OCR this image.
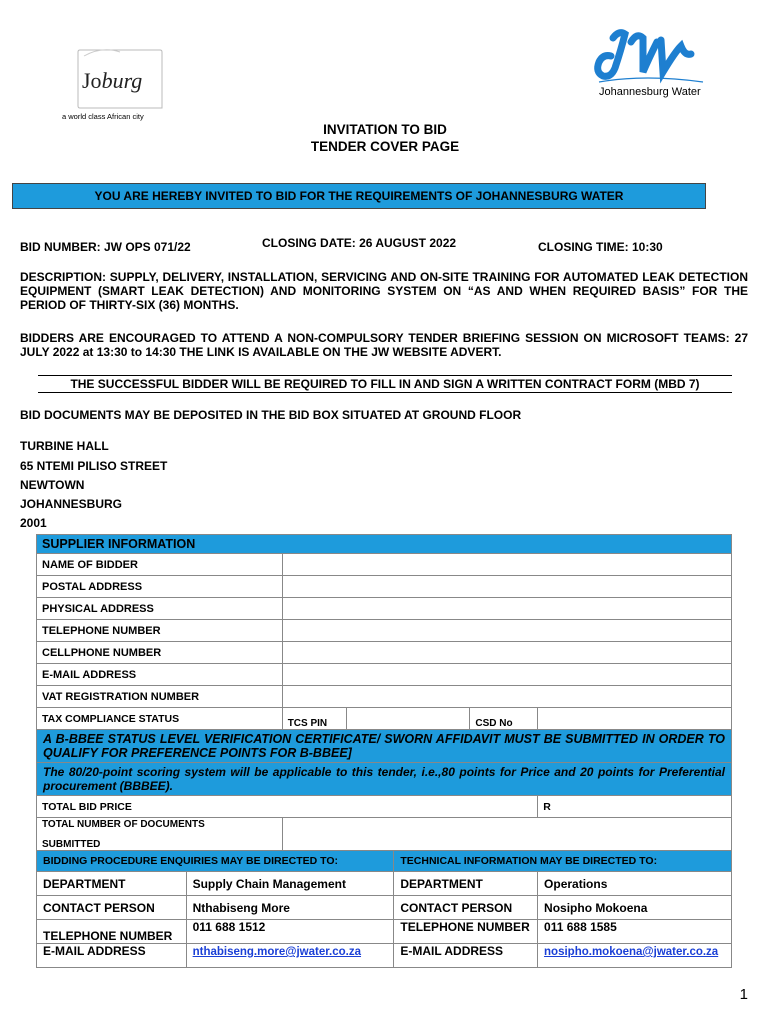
Joburg
a world class African city
Johannesburg Water
INVITATION TO BID
TENDER COVER PAGE
YOU ARE HEREBY INVITED TO BID FOR THE REQUIREMENTS OF JOHANNESBURG WATER
BID NUMBER: JW OPS 071/22	CLOSING DATE: 26 AUGUST 2022	CLOSING TIME: 10:30
DESCRIPTION: SUPPLY, DELIVERY, INSTALLATION, SERVICING AND ON-SITE TRAINING FOR AUTOMATED LEAK DETECTION EQUIPMENT (SMART LEAK DETECTION) AND MONITORING SYSTEM ON “AS AND WHEN REQUIRED BASIS” FOR THE PERIOD OF THIRTY-SIX (36) MONTHS.
BIDDERS ARE ENCOURAGED TO ATTEND A NON-COMPULSORY TENDER BRIEFING SESSION ON MICROSOFT TEAMS: 27 JULY 2022 at 13:30 to 14:30 THE LINK IS AVAILABLE ON THE JW WEBSITE ADVERT.
THE SUCCESSFUL BIDDER WILL BE REQUIRED TO FILL IN AND SIGN A WRITTEN CONTRACT FORM (MBD 7)
BID DOCUMENTS MAY BE DEPOSITED IN THE BID BOX SITUATED AT GROUND FLOOR
TURBINE HALL
65 NTEMI PILISO STREET
NEWTOWN
JOHANNESBURG
2001
SUPPLIER INFORMATION				
NAME OF BIDDER				
POSTAL ADDRESS				
PHYSICAL ADDRESS				
TELEPHONE NUMBER				
CELLPHONE NUMBER				
E-MAIL ADDRESS				
VAT REGISTRATION NUMBER				
TAX COMPLIANCE STATUS	TCS PIN		CSD No	
A B-BBEE STATUS LEVEL VERIFICATION CERTIFICATE/ SWORN AFFIDAVIT MUST BE SUBMITTED IN ORDER TO QUALIFY FOR PREFERENCE POINTS FOR B-BBEE]				
The 80/20-point scoring system will be applicable to this tender, i.e.,80 points for Price and 20 points for Preferential procurement (BBBEE).				
TOTAL BID PRICE				R

TOTAL NUMBER OF DOCUMENTS
SUBMITTED				

BIDDING PROCEDURE ENQUIRIES MAY BE DIRECTED TO:		TECHNICAL INFORMATION MAY BE DIRECTED TO:	
DEPARTMENT	Supply Chain Management	DEPARTMENT	Operations
CONTACT PERSON	Nthabiseng More	CONTACT PERSON	Nosipho Mokoena
TELEPHONE NUMBER	011 688 1512	TELEPHONE NUMBER	011 688 1585
E-MAIL ADDRESS	nthabiseng.more@jwater.co.za	E-MAIL ADDRESS	nosipho.mokoena@jwater.co.za
1
